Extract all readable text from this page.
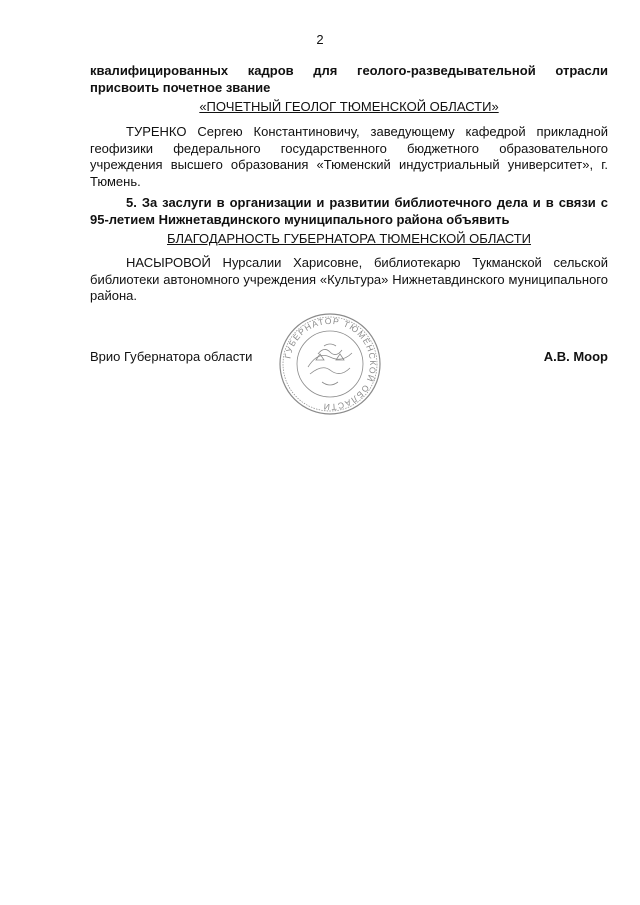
2
квалифицированных кадров для геолого-разведывательной отрасли присвоить почетное звание
«ПОЧЕТНЫЙ ГЕОЛОГ ТЮМЕНСКОЙ ОБЛАСТИ»
ТУРЕНКО Сергею Константиновичу, заведующему кафедрой прикладной геофизики федерального государственного бюджетного образовательного учреждения высшего образования «Тюменский индустриальный университет», г. Тюмень.
5. За заслуги в организации и развитии библиотечного дела и в связи с 95-летием Нижнетавдинского муниципального района объявить
БЛАГОДАРНОСТЬ ГУБЕРНАТОРА ТЮМЕНСКОЙ ОБЛАСТИ
НАСЫРОВОЙ Нурсалии Харисовне, библиотекарю Тукманской сельской библиотеки автономного учреждения «Культура» Нижнетавдинского муниципального района.
ГУБЕРНАТОР ТЮМЕНСКОЙ ОБЛАСТИ
Врио Губернатора области	А.В. Моор
